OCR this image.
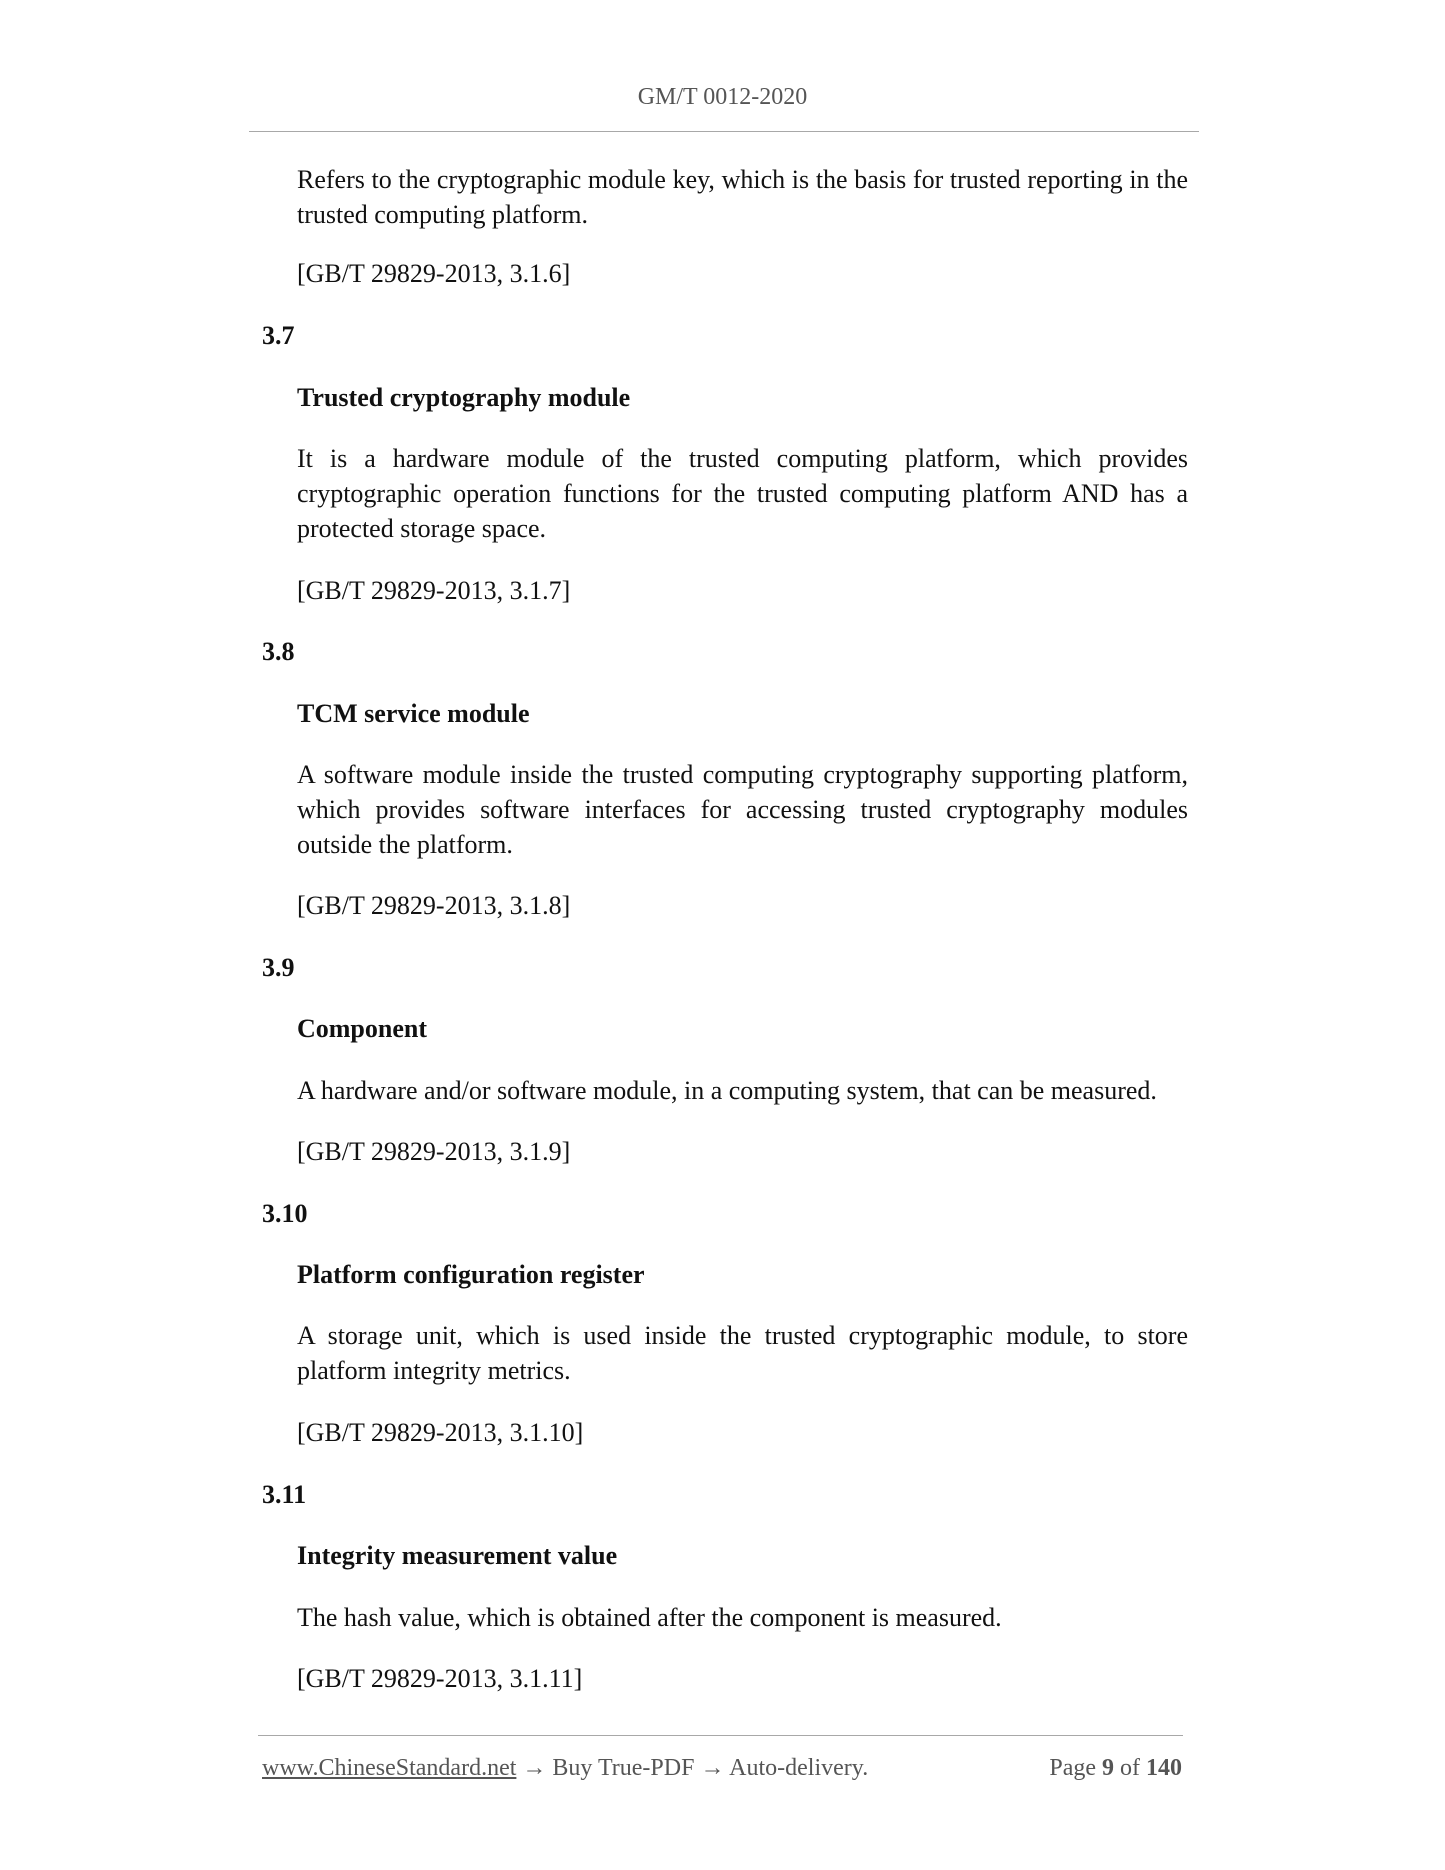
GM/T 0012-2020

Refers to the cryptographic module key, which is the basis for trusted reporting in the trusted computing platform.

[GB/T 29829-2013, 3.1.6]

3.7

Trusted cryptography module

It is a hardware module of the trusted computing platform, which provides cryptographic operation functions for the trusted computing platform AND has a protected storage space.

[GB/T 29829-2013, 3.1.7]

3.8

TCM service module

A software module inside the trusted computing cryptography supporting platform, which provides software interfaces for accessing trusted cryptography modules outside the platform.

[GB/T 29829-2013, 3.1.8]

3.9

Component

A hardware and/or software module, in a computing system, that can be measured.

[GB/T 29829-2013, 3.1.9]

3.10

Platform configuration register

A storage unit, which is used inside the trusted cryptographic module, to store platform integrity metrics.

[GB/T 29829-2013, 3.1.10]

3.11

Integrity measurement value

The hash value, which is obtained after the component is measured.

[GB/T 29829-2013, 3.1.11]

www.ChineseStandard.net → Buy True-PDF → Auto-delivery.	Page 9 of 140
